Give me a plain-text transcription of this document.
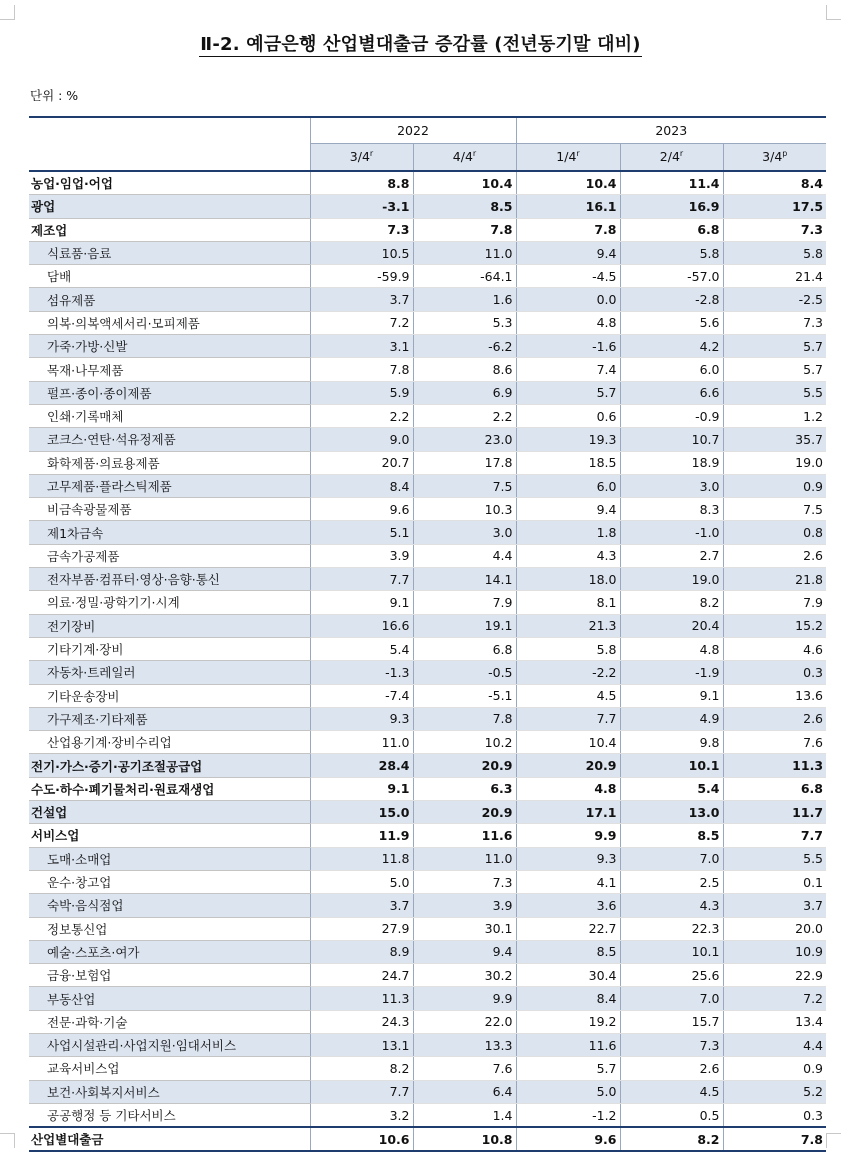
Ⅱ-2. 예금은행 산업별대출금 증감률 (전년동기말 대비)
단위 : %
	2022		2023		
	3/4$^r$	4/4$^r$	1/4$^r$	2/4$^r$	3/4$^p$
농업·임업·어업	8.8	10.4	10.4	11.4	8.4
광업	-3.1	8.5	16.1	16.9	17.5
제조업	7.3	7.8	7.8	6.8	7.3
식료품·음료	10.5	11.0	9.4	5.8	5.8
담배	-59.9	-64.1	-4.5	-57.0	21.4
섬유제품	3.7	1.6	0.0	-2.8	-2.5
의복·의복액세서리·모피제품	7.2	5.3	4.8	5.6	7.3
가죽·가방·신발	3.1	-6.2	-1.6	4.2	5.7
목재·나무제품	7.8	8.6	7.4	6.0	5.7
펄프·종이·종이제품	5.9	6.9	5.7	6.6	5.5
인쇄·기록매체	2.2	2.2	0.6	-0.9	1.2
코크스·연탄·석유정제품	9.0	23.0	19.3	10.7	35.7
화학제품·의료용제품	20.7	17.8	18.5	18.9	19.0
고무제품·플라스틱제품	8.4	7.5	6.0	3.0	0.9
비금속광물제품	9.6	10.3	9.4	8.3	7.5
제1차금속	5.1	3.0	1.8	-1.0	0.8
금속가공제품	3.9	4.4	4.3	2.7	2.6
전자부품·컴퓨터·영상·음향·통신	7.7	14.1	18.0	19.0	21.8
의료·정밀·광학기기·시계	9.1	7.9	8.1	8.2	7.9
전기장비	16.6	19.1	21.3	20.4	15.2
기타기계·장비	5.4	6.8	5.8	4.8	4.6
자동차·트레일러	-1.3	-0.5	-2.2	-1.9	0.3
기타운송장비	-7.4	-5.1	4.5	9.1	13.6
가구제조·기타제품	9.3	7.8	7.7	4.9	2.6
산업용기계·장비수리업	11.0	10.2	10.4	9.8	7.6
전기·가스·증기·공기조절공급업	28.4	20.9	20.9	10.1	11.3
수도·하수·폐기물처리·원료재생업	9.1	6.3	4.8	5.4	6.8
건설업	15.0	20.9	17.1	13.0	11.7
서비스업	11.9	11.6	9.9	8.5	7.7
도매·소매업	11.8	11.0	9.3	7.0	5.5
운수·창고업	5.0	7.3	4.1	2.5	0.1
숙박·음식점업	3.7	3.9	3.6	4.3	3.7
정보통신업	27.9	30.1	22.7	22.3	20.0
예술·스포츠·여가	8.9	9.4	8.5	10.1	10.9
금융·보험업	24.7	30.2	30.4	25.6	22.9
부동산업	11.3	9.9	8.4	7.0	7.2
전문·과학·기술	24.3	22.0	19.2	15.7	13.4
사업시설관리·사업지원·임대서비스	13.1	13.3	11.6	7.3	4.4
교육서비스업	8.2	7.6	5.7	2.6	0.9
보건·사회복지서비스	7.7	6.4	5.0	4.5	5.2
공공행정 등 기타서비스	3.2	1.4	-1.2	0.5	0.3
산업별대출금	10.6	10.8	9.6	8.2	7.8
